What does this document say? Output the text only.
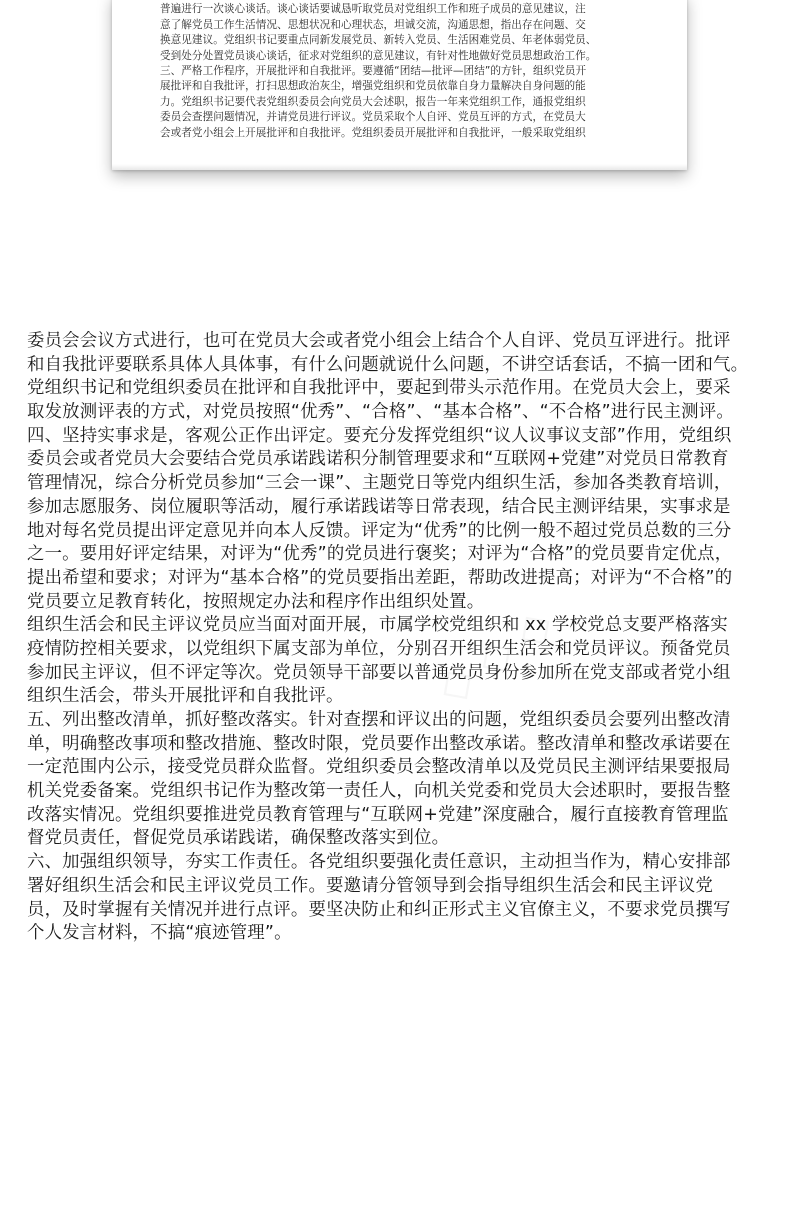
普遍进行一次谈心谈话。谈心谈话要诚恳听取党员对党组织工作和班子成员的意见建议，注
意了解党员工作生活情况、思想状况和心理状态，坦诚交流，沟通思想，指出存在问题、交
换意见建议。党组织书记要重点同新发展党员、新转入党员、生活困难党员、年老体弱党员、
受到处分处置党员谈心谈话，征求对党组织的意见建议，有针对性地做好党员思想政治工作。
三、严格工作程序，开展批评和自我批评。要遵循“团结—批评—团结”的方针，组织党员开
展批评和自我批评，打扫思想政治灰尘，增强党组织和党员依靠自身力量解决自身问题的能
力。党组织书记要代表党组织委员会向党员大会述职，报告一年来党组织工作，通报党组织
委员会查摆问题情况，并请党员进行评议。党员采取个人自评、党员互评的方式，在党员大
会或者党小组会上开展批评和自我批评。党组织委员开展批评和自我批评，一般采取党组织
委员会会议方式进行，也可在党员大会或者党小组会上结合个人自评、党员互评进行。批评
和自我批评要联系具体人具体事，有什么问题就说什么问题，不讲空话套话，不搞一团和气。
党组织书记和党组织委员在批评和自我批评中，要起到带头示范作用。在党员大会上，要采
取发放测评表的方式，对党员按照“优秀”、“合格”、“基本合格”、“不合格”进行民主测评。
四、坚持实事求是，客观公正作出评定。要充分发挥党组织“议人议事议支部”作用，党组织
委员会或者党员大会要结合党员承诺践诺积分制管理要求和“互联网+党建”对党员日常教育
管理情况，综合分析党员参加“三会一课”、主题党日等党内组织生活，参加各类教育培训，
参加志愿服务、岗位履职等活动，履行承诺践诺等日常表现，结合民主测评结果，实事求是
地对每名党员提出评定意见并向本人反馈。评定为“优秀”的比例一般不超过党员总数的三分
之一。要用好评定结果，对评为“优秀”的党员进行褒奖；对评为“合格”的党员要肯定优点，
提出希望和要求；对评为“基本合格”的党员要指出差距，帮助改进提高；对评为“不合格”的
党员要立足教育转化，按照规定办法和程序作出组织处置。
组织生活会和民主评议党员应当面对面开展，市属学校党组织和 xx 学校党总支要严格落实
疫情防控相关要求，以党组织下属支部为单位，分别召开组织生活会和党员评议。预备党员
参加民主评议，但不评定等次。党员领导干部要以普通党员身份参加所在党支部或者党小组
组织生活会，带头开展批评和自我批评。
五、列出整改清单，抓好整改落实。针对查摆和评议出的问题，党组织委员会要列出整改清
单，明确整改事项和整改措施、整改时限，党员要作出整改承诺。整改清单和整改承诺要在
一定范围内公示，接受党员群众监督。党组织委员会整改清单以及党员民主测评结果要报局
机关党委备案。党组织书记作为整改第一责任人，向机关党委和党员大会述职时，要报告整
改落实情况。党组织要推进党员教育管理与“互联网+党建”深度融合，履行直接教育管理监
督党员责任，督促党员承诺践诺，确保整改落实到位。
六、加强组织领导，夯实工作责任。各党组织要强化责任意识，主动担当作为，精心安排部
署好组织生活会和民主评议党员工作。要邀请分管领导到会指导组织生活会和民主评议党
员，及时掌握有关情况并进行点评。要坚决防止和纠正形式主义官僚主义，不要求党员撰写
个人发言材料，不搞“痕迹管理”。
